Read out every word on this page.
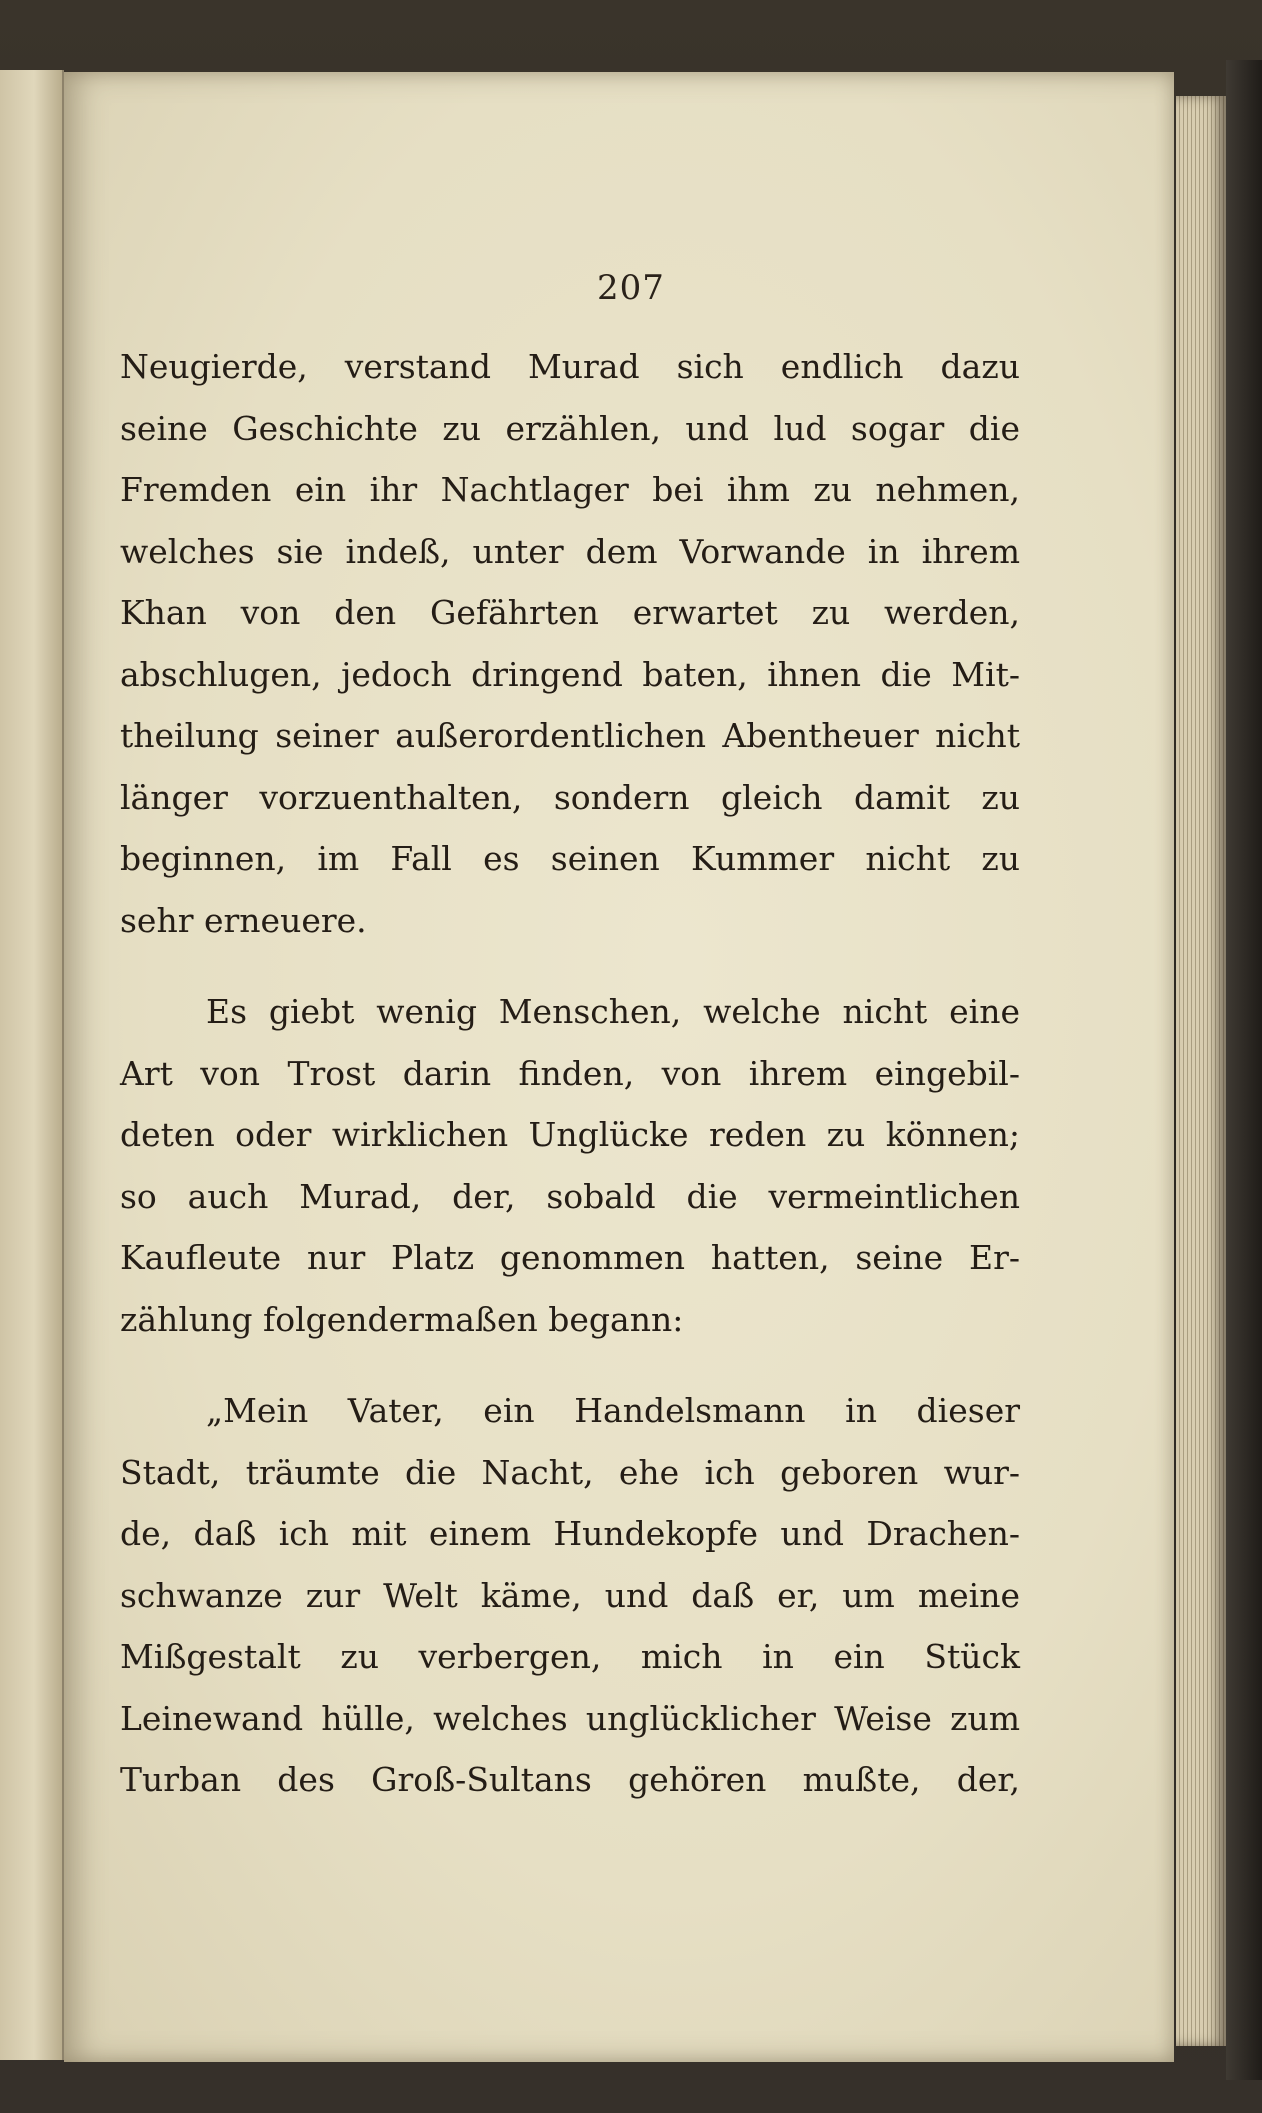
207
Neugierde, verstand Murad sich endlich dazu
seine Geschichte zu erzählen, und lud sogar die
Fremden ein ihr Nachtlager bei ihm zu nehmen,
welches sie indeß, unter dem Vorwande in ihrem
Khan von den Gefährten erwartet zu werden,
abschlugen, jedoch dringend baten, ihnen die Mit-
theilung seiner außerordentlichen Abentheuer nicht
länger vorzuenthalten, sondern gleich damit zu
beginnen, im Fall es seinen Kummer nicht zu
sehr erneuere.
Es giebt wenig Menschen, welche nicht eine
Art von Trost darin finden, von ihrem eingebil-
deten oder wirklichen Unglücke reden zu können;
so auch Murad, der, sobald die vermeintlichen
Kaufleute nur Platz genommen hatten, seine Er-
zählung folgendermaßen begann:
„Mein Vater, ein Handelsmann in dieser
Stadt, träumte die Nacht, ehe ich geboren wur-
de, daß ich mit einem Hundekopfe und Drachen-
schwanze zur Welt käme, und daß er, um meine
Mißgestalt zu verbergen, mich in ein Stück
Leinewand hülle, welches unglücklicher Weise zum
Turban des Groß-Sultans gehören mußte, der,
